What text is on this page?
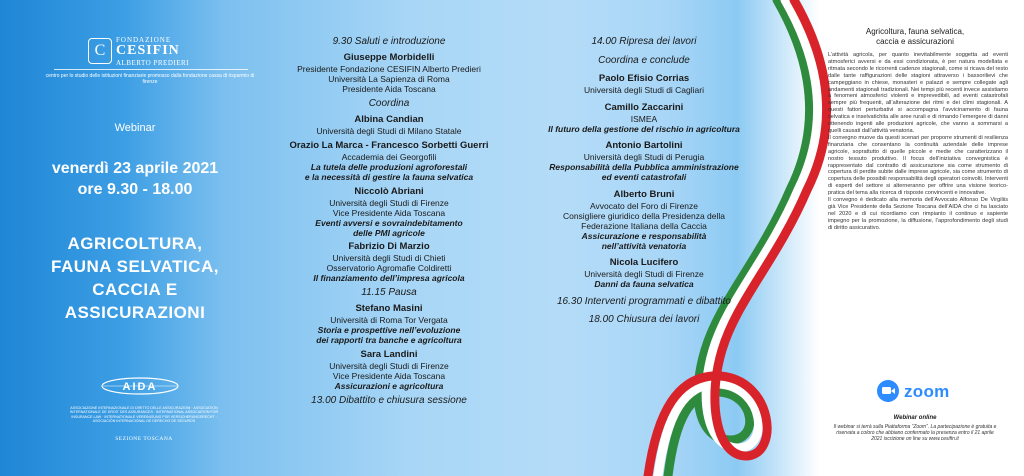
C
FONDAZIONE
CESIFIN
ALBERTO PREDIERI
centro per lo studio delle istituzioni finanziarie promosso dalla fondazione cassa di risparmio di firenze
Webinar
venerdì 23 aprile 2021
ore 9.30 - 18.00
AGRICOLTURA,
FAUNA SELVATICA,
CACCIA E
ASSICURAZIONI
AIDA
ASSOCIAZIONE INTERNAZIONALE DI DIRITTO DELLE ASSICURAZIONI · ASSOCIATION INTERNATIONALE DE DROIT DES ASSURANCES · INTERNATIONAL ASSOCIATION FOR INSURANCE LAW · INTERNATIONALE VEREINIGUNG FÜR VERSICHERUNGSRECHT · ASOCIACIÓN INTERNACIONAL DE DERECHO DE SEGUROS
SEZIONE TOSCANA
9.30 Saluti e introduzione
Giuseppe Morbidelli
Presidente Fondazione CESIFIN Alberto Predieri
Università La Sapienza di Roma
Presidente Aida Toscana
Coordina
Albina Candian
Università degli Studi di Milano Statale
Orazio La Marca - Francesco Sorbetti Guerri
Accademia dei Georgofili
La tutela delle produzioni agroforestali
e la necessità di gestire la fauna selvatica
Niccolò Abriani
Università degli Studi di Firenze
Vice Presidente Aida Toscana
Eventi avversi e sovraindebitamento
delle PMI agricole
Fabrizio Di Marzio
Università degli Studi di Chieti
Osservatorio Agromafie Coldiretti
Il finanziamento dell’impresa agricola
11.15 Pausa
Stefano Masini
Università di Roma Tor Vergata
Storia e prospettive nell’evoluzione
dei rapporti tra banche e agricoltura
Sara Landini
Università degli Studi di Firenze
Vice Presidente Aida Toscana
Assicurazioni e agricoltura
13.00 Dibattito e chiusura sessione
14.00 Ripresa dei lavori
Coordina e conclude
Paolo Efisio Corrias
Università degli Studi di Cagliari
Camillo Zaccarini
ISMEA
Il futuro della gestione del rischio in agricoltura
Antonio Bartolini
Università degli Studi di Perugia
Responsabilità della Pubblica amministrazione
ed eventi catastrofali
Alberto Bruni
Avvocato del Foro di Firenze
Consigliere giuridico della Presidenza della
Federazione Italiana della Caccia
Assicurazione e responsabilità
nell’attività venatoria
Nicola Lucifero
Università degli Studi di Firenze
Danni da fauna selvatica
16.30 Interventi programmati e dibattito
18.00 Chiusura dei lavori
Agricoltura, fauna selvatica,
caccia e assicurazioni

L’attività agricola, per quanto inevitabilmente soggetta ad eventi atmosferici avversi e da essi condizionata, è per natura modellata e ritmata secondo le ricorrenti cadenze stagionali, come si ricava del resto dalle tante raffigurazioni delle stagioni attraverso i bassorilievi che campeggiano in chiese, monasteri e palazzi e sempre collegate agli andamenti stagionali tradizionali. Nei tempi più recenti invece assistiamo a fenomeni atmosferici violenti e imprevedibili, ad eventi catastrofali sempre più frequenti, all’alterazione dei ritmi e dei climi stagionali. A questi fattori perturbativi si accompagna l’avvicinamento di fauna selvatica e inselvatichita alle aree rurali e di rimando l’emergere di danni ottenendo ingenti alle produzioni agricole, che vanno a sommarsi a quelli causati dall’attività venatoria.

Il convegno muove da questi scenari per proporre strumenti di resilienza finanziaria che consentano la continuità aziendale delle imprese agricole, soprattutto di quelle piccole e medie che caratterizzano il nostro tessuto produttivo. Il focus dell’iniziativa convegnistica è rappresentato dal contratto di assicurazione sia come strumento di copertura di perdite subite dalle imprese agricole, sia come strumento di copertura delle possibili responsabilità degli operatori coinvolti. Interventi di esperti del settore si alterneranno per offrire una visione teorico-pratica del tema alla ricerca di risposte convincenti e innovative.

Il convegno è dedicato alla memoria dell’Avvocato Alfonso De Virgiliis già Vice Presidente della Sezione Toscana dell’AIDA che ci ha lasciato nel 2020 e di cui ricordiamo con rimpianto il continuo e sapiente impegno per la promozione, la diffusione, l’approfondimento degli studi di diritto assicurativo.

zoom
Webinar online
Il webinar si terrà sulla Piattaforma “Zoom”. La partecipazione è gratuita e riservata a coloro che abbiano confermato la presenza entro il 21 aprile 2021 iscrizione on line su www.cesifin.it
